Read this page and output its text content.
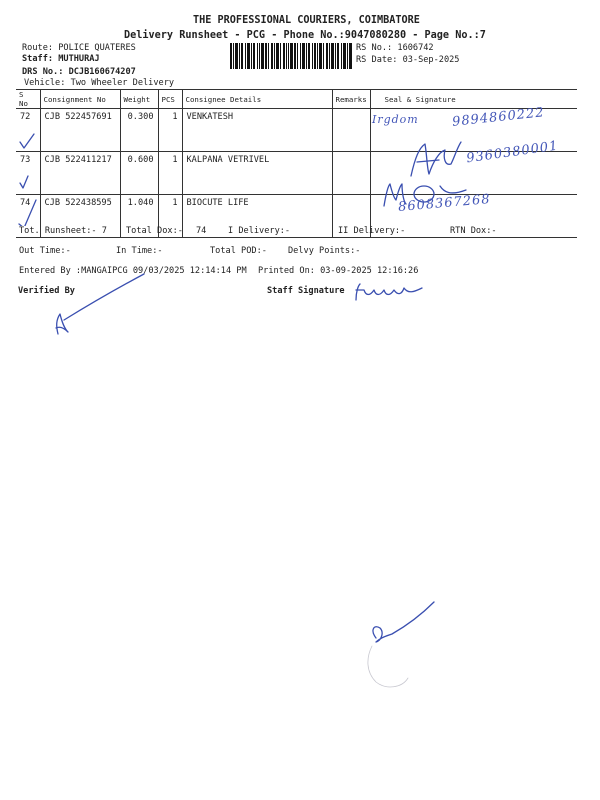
THE PROFESSIONAL COURIERS, COIMBATORE
Delivery Runsheet - PCG - Phone No.:9047080280 - Page No.:7
Route: POLICE QUATERES
Staff: MUTHURAJ
DRS No.: DCJB160674207
Vehicle: Two Wheeler Delivery
RS No.: 1606742
RS Date: 03-Sep-2025
S No	Consignment No	Weight	PCS	Consignee Details	Remarks	Seal & Signature
72	CJB 522457691	0.300	1	VENKATESH		
73	CJB 522411217	0.600	1	KALPANA VETRIVEL		
74	CJB 522438595	1.040	1	BIOCUTE LIFE		
Irgdom	9894860222
9360380001
8608367268
Tot. Runsheet:- 7 Total Dox:- 74	I Delivery:-	II Delivery:-	RTN Dox:-
Out Time:-	In Time:-	Total POD:- Delvy Points:-
Entered By :MANGAIPCG 09/03/2025 12:14:14 PM Printed On: 03-09-2025 12:16:26
Verified By	Staff Signature
